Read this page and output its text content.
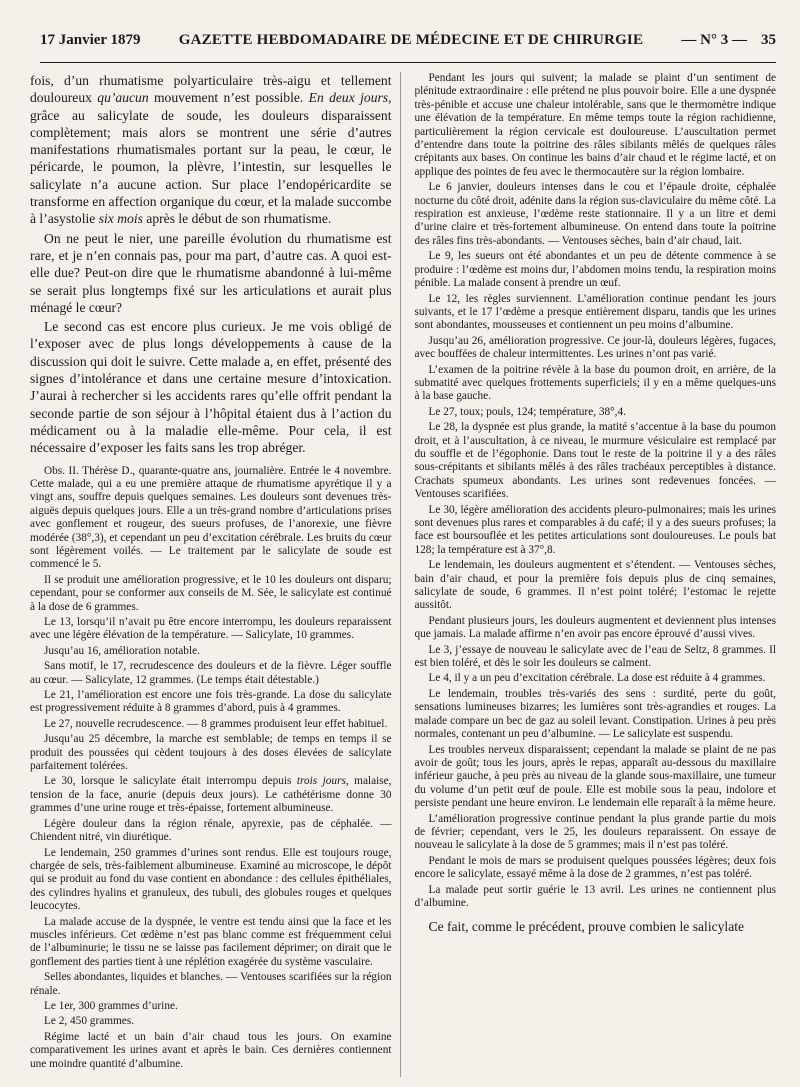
17 Janvier 1879	GAZETTE HEBDOMADAIRE DE MÉDECINE ET DE CHIRURGIE	— N° 3 — 35

fois, d’un rhumatisme polyarticulaire très-aigu et tellement douloureux qu’aucun mouvement n’est possible. En deux jours, grâce au salicylate de soude, les douleurs disparaissent complètement; mais alors se montrent une série d’autres manifestations rhumatismales portant sur la peau, le cœur, le péricarde, le poumon, la plèvre, l’intestin, sur lesquelles le salicylate n’a aucune action. Sur place l’endopéricardite se transforme en affection organique du cœur, et la malade succombe à l’asystolie six mois après le début de son rhumatisme.

On ne peut le nier, une pareille évolution du rhumatisme est rare, et je n’en connais pas, pour ma part, d’autre cas. A quoi est-elle due? Peut-on dire que le rhumatisme abandonné à lui-même se serait plus longtemps fixé sur les articulations et aurait plus ménagé le cœur?

Le second cas est encore plus curieux. Je me vois obligé de l’exposer avec de plus longs développements à cause de la discussion qui doit le suivre. Cette malade a, en effet, présenté des signes d’intolérance et dans une certaine mesure d’intoxication. J’aurai à rechercher si les accidents rares qu’elle offrit pendant la seconde partie de son séjour à l’hôpital étaient dus à l’action du médicament ou à la maladie elle-même. Pour cela, il est nécessaire d’exposer les faits sans les trop abréger.

Obs. II. Thérèse D., quarante-quatre ans, journalière. Entrée le 4 novembre. Cette malade, qui a eu une première attaque de rhumatisme apyrétique il y a vingt ans, souffre depuis quelques semaines. Les douleurs sont devenues très-aiguës depuis quelques jours. Elle a un très-grand nombre d’articulations prises avec gonflement et rougeur, des sueurs profuses, de l’anorexie, une fièvre modérée (38°,3), et cependant un peu d’excitation cérébrale. Les bruits du cœur sont légèrement voilés. — Le traitement par le salicylate de soude est commencé le 5.

Il se produit une amélioration progressive, et le 10 les douleurs ont disparu; cependant, pour se conformer aux conseils de M. Sée, le salicylate est continué à la dose de 6 grammes.

Le 13, lorsqu’il n’avait pu être encore interrompu, les douleurs reparaissent avec une légère élévation de la température. — Salicylate, 10 grammes.

Jusqu’au 16, amélioration notable.

Sans motif, le 17, recrudescence des douleurs et de la fièvre. Léger souffle au cœur. — Salicylate, 12 grammes. (Le temps était détestable.)

Le 21, l’amélioration est encore une fois très-grande. La dose du salicylate est progressivement réduite à 8 grammes d’abord, puis à 4 grammes.

Le 27, nouvelle recrudescence. — 8 grammes produisent leur effet habituel.

Jusqu’au 25 décembre, la marche est semblable; de temps en temps il se produit des poussées qui cèdent toujours à des doses élevées de salicylate parfaitement tolérées.

Le 30, lorsque le salicylate était interrompu depuis trois jours, malaise, tension de la face, anurie (depuis deux jours). Le cathétérisme donne 30 grammes d’une urine rouge et très-épaisse, fortement albumineuse.

Légère douleur dans la région rénale, apyrexie, pas de céphalée. — Chiendent nitré, vin diurétique.

Le lendemain, 250 grammes d’urines sont rendus. Elle est toujours rouge, chargée de sels, très-faiblement albumineuse. Examiné au microscope, le dépôt qui se produit au fond du vase contient en abondance : des cellules épithéliales, des cylindres hyalins et granuleux, des tubuli, des globules rouges et quelques leucocytes.

La malade accuse de la dyspnée, le ventre est tendu ainsi que la face et les muscles inférieurs. Cet œdème n’est pas blanc comme est fréquemment celui de l’albuminurie; le tissu ne se laisse pas facilement déprimer; on dirait que le gonflement des parties tient à une réplétion exagérée du système vasculaire.

Selles abondantes, liquides et blanches. — Ventouses scarifiées sur la région rénale.

Le 1er, 300 grammes d’urine.

Le 2, 450 grammes.

Régime lacté et un bain d’air chaud tous les jours. On examine comparativement les urines avant et après le bain. Ces dernières contiennent une moindre quantité d’albumine.

Pendant les jours qui suivent; la malade se plaint d’un sentiment de plénitude extraordinaire : elle prétend ne plus pouvoir boire. Elle a une dyspnée très-pénible et accuse une chaleur intolérable, sans que le thermomètre indique une élévation de la température. En même temps toute la région rachidienne, particulièrement la région cervicale est douloureuse. L’auscultation permet d’entendre dans toute la poitrine des râles sibilants mêlés de quelques râles crépitants aux bases. On continue les bains d’air chaud et le régime lacté, et on applique des pointes de feu avec le thermocautère sur la région lombaire.

Le 6 janvier, douleurs intenses dans le cou et l’épaule droite, céphalée nocturne du côté droit, adénite dans la région sus-claviculaire du même côté. La respiration est anxieuse, l’œdème reste stationnaire. Il y a un litre et demi d’urine claire et très-fortement albumineuse. On entend dans toute la poitrine des râles fins très-abondants. — Ventouses sèches, bain d’air chaud, lait.

Le 9, les sueurs ont été abondantes et un peu de détente commence à se produire : l’œdème est moins dur, l’abdomen moins tendu, la respiration moins pénible. La malade consent à prendre un œuf.

Le 12, les règles surviennent. L’amélioration continue pendant les jours suivants, et le 17 l’œdème a presque entièrement disparu, tandis que les urines sont abondantes, mousseuses et contiennent un peu moins d’albumine.

Jusqu’au 26, amélioration progressive. Ce jour-là, douleurs légères, fugaces, avec bouffées de chaleur intermittentes. Les urines n’ont pas varié.

L’examen de la poitrine révèle à la base du poumon droit, en arrière, de la submatité avec quelques frottements superficiels; il y en a même quelques-uns à la base gauche.

Le 27, toux; pouls, 124; température, 38°,4.

Le 28, la dyspnée est plus grande, la matité s’accentue à la base du poumon droit, et à l’auscultation, à ce niveau, le murmure vésiculaire est remplacé par du souffle et de l’égophonie. Dans tout le reste de la poitrine il y a des râles sous-crépitants et sibilants mêlés à des râles trachéaux perceptibles à distance. Crachats spumeux abondants. Les urines sont redevenues foncées. — Ventouses scarifiées.

Le 30, légère amélioration des accidents pleuro-pulmonaires; mais les urines sont devenues plus rares et comparables à du café; il y a des sueurs profuses; la face est boursouflée et les petites articulations sont douloureuses. Le pouls bat 128; la température est à 37°,8.

Le lendemain, les douleurs augmentent et s’étendent. — Ventouses sèches, bain d’air chaud, et pour la première fois depuis plus de cinq semaines, salicylate de soude, 6 grammes. Il n’est point toléré; l’estomac le rejette aussitôt.

Pendant plusieurs jours, les douleurs augmentent et deviennent plus intenses que jamais. La malade affirme n’en avoir pas encore éprouvé d’aussi vives.

Le 3, j’essaye de nouveau le salicylate avec de l’eau de Seltz, 8 grammes. Il est bien toléré, et dès le soir les douleurs se calment.

Le 4, il y a un peu d’excitation cérébrale. La dose est réduite à 4 grammes.

Le lendemain, troubles très-variés des sens : surdité, perte du goût, sensations lumineuses bizarres; les lumières sont très-agrandies et rouges. La malade compare un bec de gaz au soleil levant. Constipation. Urines à peu près normales, contenant un peu d’albumine. — Le salicylate est suspendu.

Les troubles nerveux disparaissent; cependant la malade se plaint de ne pas avoir de goût; tous les jours, après le repas, apparaît au-dessous du maxillaire inférieur gauche, à peu près au niveau de la glande sous-maxillaire, une tumeur du volume d’un petit œuf de poule. Elle est mobile sous la peau, indolore et persiste pendant une heure environ. Le lendemain elle reparaît à la même heure.

L’amélioration progressive continue pendant la plus grande partie du mois de février; cependant, vers le 25, les douleurs reparaissent. On essaye de nouveau le salicylate à la dose de 5 grammes; mais il n’est pas toléré.

Pendant le mois de mars se produisent quelques poussées légères; deux fois encore le salicylate, essayé même à la dose de 2 grammes, n’est pas toléré.

La malade peut sortir guérie le 13 avril. Les urines ne contiennent plus d’albumine.

Ce fait, comme le précédent, prouve combien le salicylate
